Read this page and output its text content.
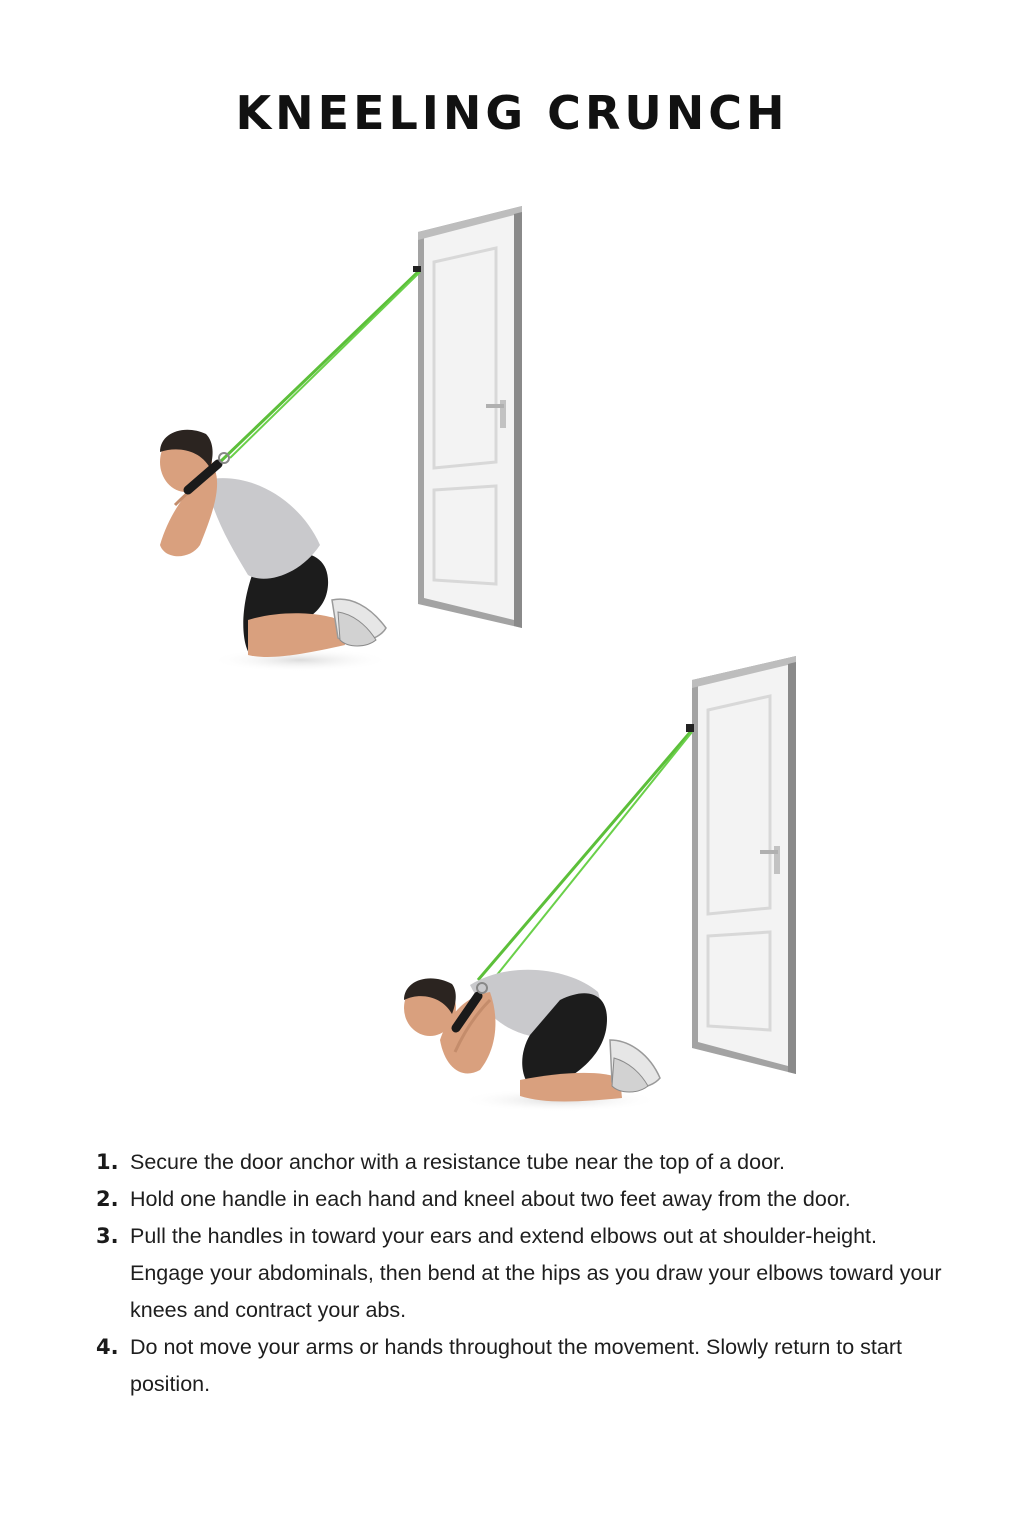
KNEELING CRUNCH
1. Secure the door anchor with a resistance tube near the top of a door.
2. Hold one handle in each hand and kneel about two feet away from the door.
3. Pull the handles in toward your ears and extend elbows out at shoulder-height. Engage your abdominals, then bend at the hips as you draw your elbows toward your knees and contract your abs.
4. Do not move your arms or hands throughout the movement. Slowly return to start position.
